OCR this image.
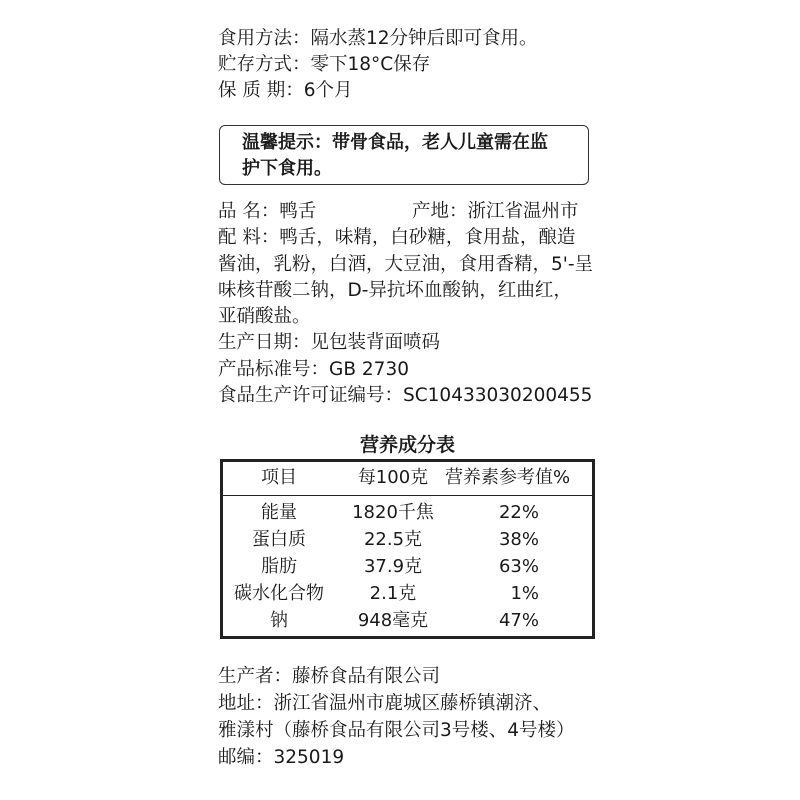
食用方法：隔水蒸12分钟后即可食用。
贮存方式：零下18°C保存
保 质 期：6个月
温馨提示：带骨食品，老人儿童需在监
护下食用。
品 名：鸭舌	产地：浙江省温州市
配 料：鸭舌，味精，白砂糖，食用盐，酿造
酱油，乳粉，白酒，大豆油，食用香精，5'-呈
味核苷酸二钠，D-异抗坏血酸钠，红曲红，
亚硝酸盐。
生产日期：见包装背面喷码
产品标准号：GB 2730
食品生产许可证编号：SC10433030200455
营养成分表
项目	每100克 营养素参考值%
能量	1820千焦	22%
蛋白质	22.5克	38%
脂肪	37.9克	63%
碳水化合物	2.1克	1%
钠	948毫克	47%
生产者：藤桥食品有限公司
地址：浙江省温州市鹿城区藤桥镇潮济、
雅漾村（藤桥食品有限公司3号楼、4号楼）
邮编：325019
